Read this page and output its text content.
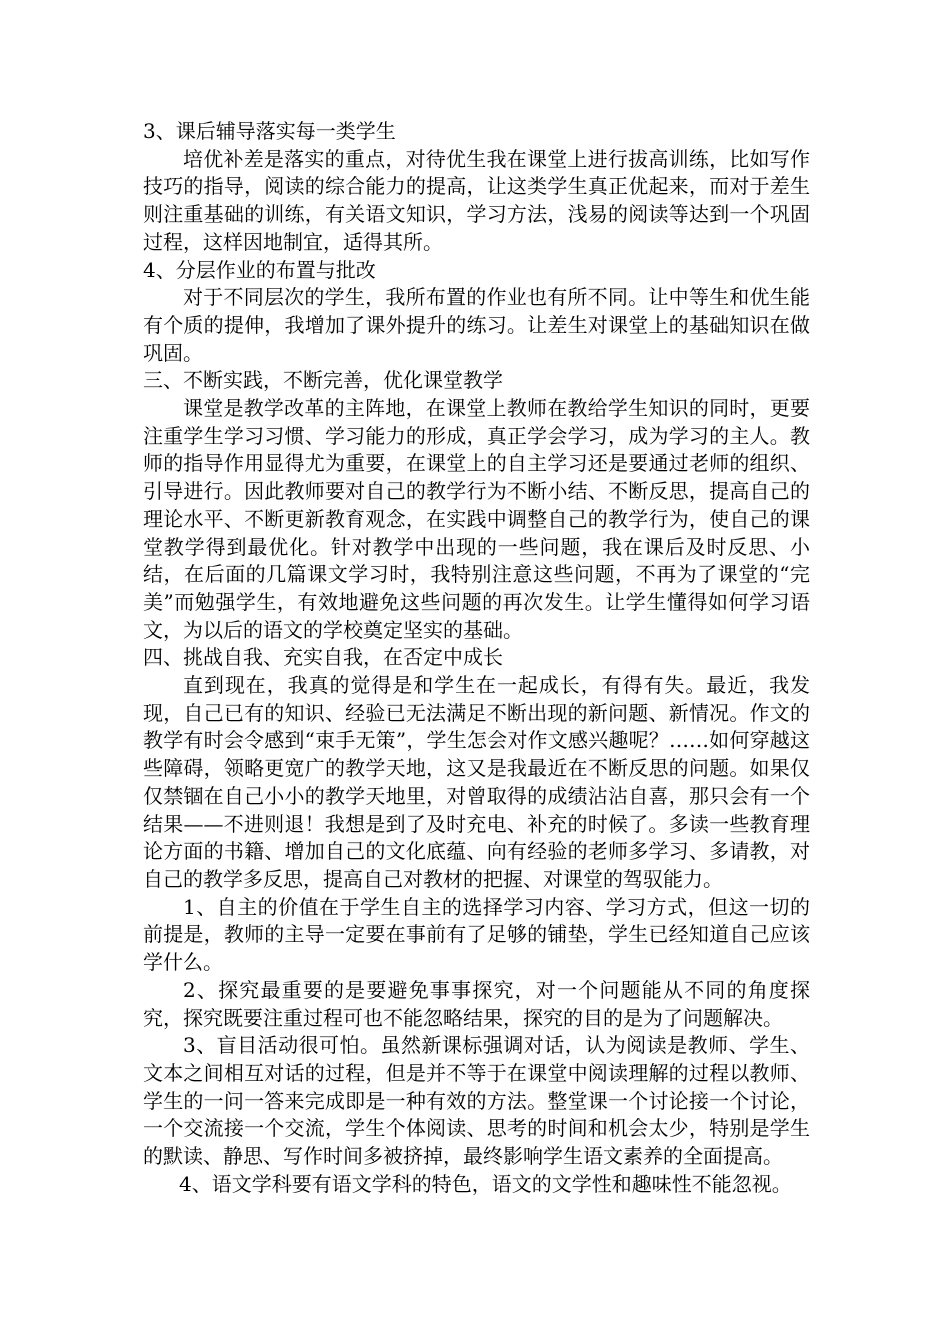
3、课后辅导落实每一类学生

培优补差是落实的重点，对待优生我在课堂上进行拔高训练，比如写作技巧的指导，阅读的综合能力的提高，让这类学生真正优起来，而对于差生则注重基础的训练，有关语文知识，学习方法，浅易的阅读等达到一个巩固过程，这样因地制宜，适得其所。

4、分层作业的布置与批改

对于不同层次的学生，我所布置的作业也有所不同。让中等生和优生能有个质的提伸，我增加了课外提升的练习。让差生对课堂上的基础知识在做巩固。

三、不断实践，不断完善，优化课堂教学

课堂是教学改革的主阵地，在课堂上教师在教给学生知识的同时，更要注重学生学习习惯、学习能力的形成，真正学会学习，成为学习的主人。教师的指导作用显得尤为重要，在课堂上的自主学习还是要通过老师的组织、引导进行。因此教师要对自己的教学行为不断小结、不断反思，提高自己的理论水平、不断更新教育观念，在实践中调整自己的教学行为，使自己的课堂教学得到最优化。针对教学中出现的一些问题，我在课后及时反思、小结，在后面的几篇课文学习时，我特别注意这些问题，不再为了课堂的“完美”而勉强学生，有效地避免这些问题的再次发生。让学生懂得如何学习语文，为以后的语文的学校奠定坚实的基础。

四、挑战自我、充实自我，在否定中成长

直到现在，我真的觉得是和学生在一起成长，有得有失。最近，我发现，自己已有的知识、经验已无法满足不断出现的新问题、新情况。作文的教学有时会令感到“束手无策”，学生怎会对作文感兴趣呢？……如何穿越这些障碍，领略更宽广的教学天地，这又是我最近在不断反思的问题。如果仅仅禁锢在自己小小的教学天地里，对曾取得的成绩沾沾自喜，那只会有一个结果——不进则退！我想是到了及时充电、补充的时候了。多读一些教育理论方面的书籍、增加自己的文化底蕴、向有经验的老师多学习、多请教，对自己的教学多反思，提高自己对教材的把握、对课堂的驾驭能力。

1、自主的价值在于学生自主的选择学习内容、学习方式，但这一切的前提是，教师的主导一定要在事前有了足够的铺垫，学生已经知道自己应该学什么。

2、探究最重要的是要避免事事探究，对一个问题能从不同的角度探究，探究既要注重过程可也不能忽略结果，探究的目的是为了问题解决。

3、盲目活动很可怕。虽然新课标强调对话，认为阅读是教师、学生、文本之间相互对话的过程，但是并不等于在课堂中阅读理解的过程以教师、学生的一问一答来完成即是一种有效的方法。整堂课一个讨论接一个讨论，一个交流接一个交流，学生个体阅读、思考的时间和机会太少，特别是学生的默读、静思、写作时间多被挤掉，最终影响学生语文素养的全面提高。

4、语文学科要有语文学科的特色，语文的文学性和趣味性不能忽视。
